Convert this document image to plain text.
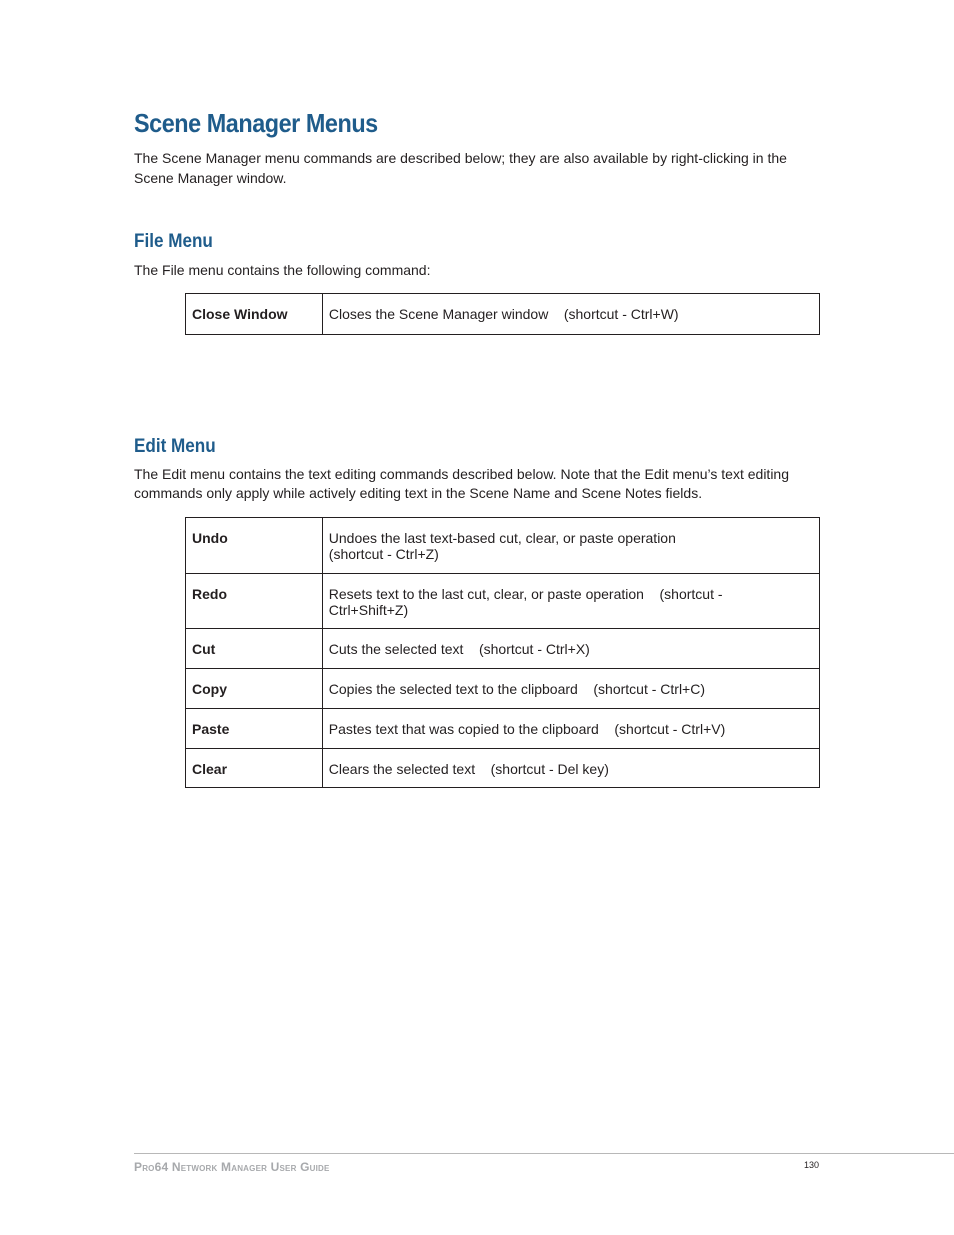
Scene Manager Menus

The Scene Manager menu commands are described below; they are also available by right-clicking in the Scene Manager window.

File Menu

The File menu contains the following command:

Close Window	Closes the Scene Manager window    (shortcut - Ctrl+W)
Edit Menu

The Edit menu contains the text editing commands described below. Note that the Edit menu’s text editing commands only apply while actively editing text in the Scene Name and Scene Notes fields.

Undo	Undoes the last text-based cut, clear, or paste operation (shortcut - Ctrl+Z)
Redo	Resets text to the last cut, clear, or paste operation    (shortcut - Ctrl+Shift+Z)
Cut	Cuts the selected text    (shortcut - Ctrl+X)
Copy	Copies the selected text to the clipboard    (shortcut - Ctrl+C)
Paste	Pastes text that was copied to the clipboard    (shortcut - Ctrl+V)
Clear	Clears the selected text    (shortcut - Del key)
Pro64 Network Manager User Guide	130
